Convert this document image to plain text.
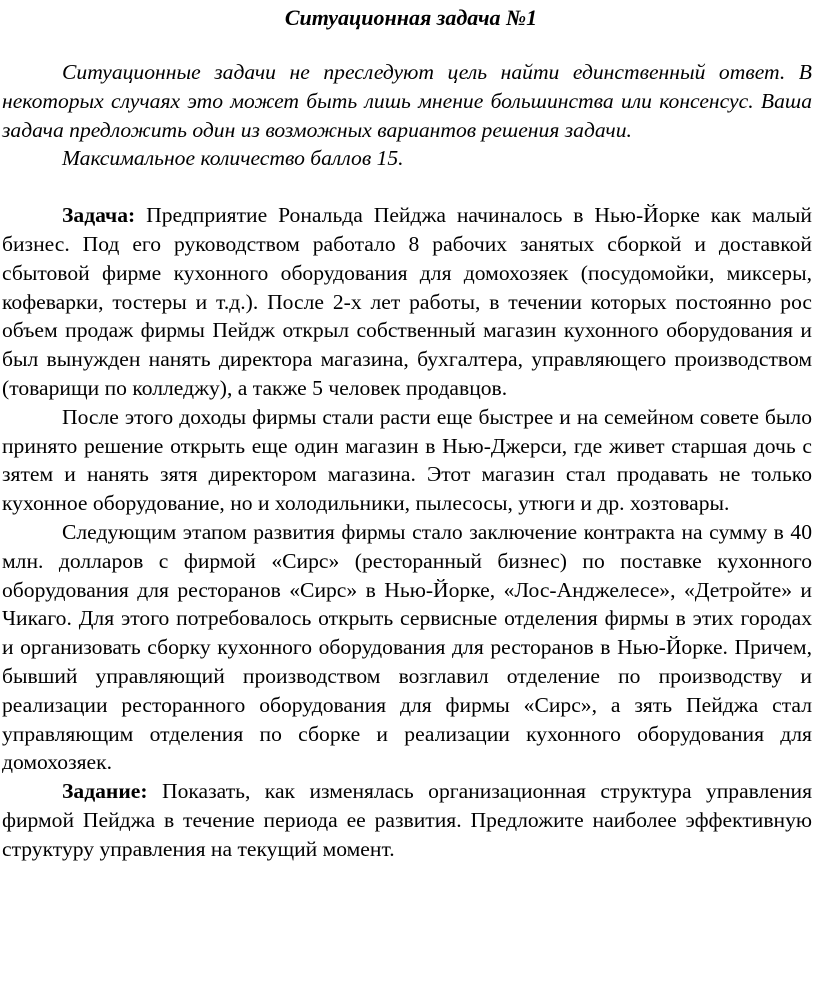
Ситуационная задача №1

Ситуационные задачи не преследуют цель найти единственный ответ. В некоторых случаях это может быть лишь мнение большинства или консенсус. Ваша задача предложить один из возможных вариантов решения задачи.

Максимальное количество баллов 15.

Задача: Предприятие Рональда Пейджа начиналось в Нью-Йорке как малый бизнес. Под его руководством работало 8 рабочих занятых сборкой и доставкой сбытовой фирме кухонного оборудования для домохозяек (посудомойки, миксеры, кофеварки, тостеры и т.д.). После 2-х лет работы, в течении которых постоянно рос объем продаж фирмы Пейдж открыл собственный магазин кухонного оборудования и был вынужден нанять директора магазина, бухгалтера, управляющего производством (товарищи по колледжу), а также 5 человек продавцов.

После этого доходы фирмы стали расти еще быстрее и на семейном совете было принято решение открыть еще один магазин в Нью-Джерси, где живет старшая дочь с зятем и нанять зятя директором магазина. Этот магазин стал продавать не только кухонное оборудование, но и холодильники, пылесосы, утюги и др. хозтовары.

Следующим этапом развития фирмы стало заключение контракта на сумму в 40 млн. долларов с фирмой «Сирс» (ресторанный бизнес) по поставке кухонного оборудования для ресторанов «Сирс» в Нью-Йорке, «Лос-Анджелесе», «Детройте» и Чикаго. Для этого потребовалось открыть сервисные отделения фирмы в этих городах и организовать сборку кухонного оборудования для ресторанов в Нью-Йорке. Причем, бывший управляющий производством возглавил отделение по производству и реализации ресторанного оборудования для фирмы «Сирс», а зять Пейджа стал управляющим отделения по сборке и реализации кухонного оборудования для домохозяек.

Задание: Показать, как изменялась организационная структура управления фирмой Пейджа в течение периода ее развития. Предложите наиболее эффективную структуру управления на текущий момент.
